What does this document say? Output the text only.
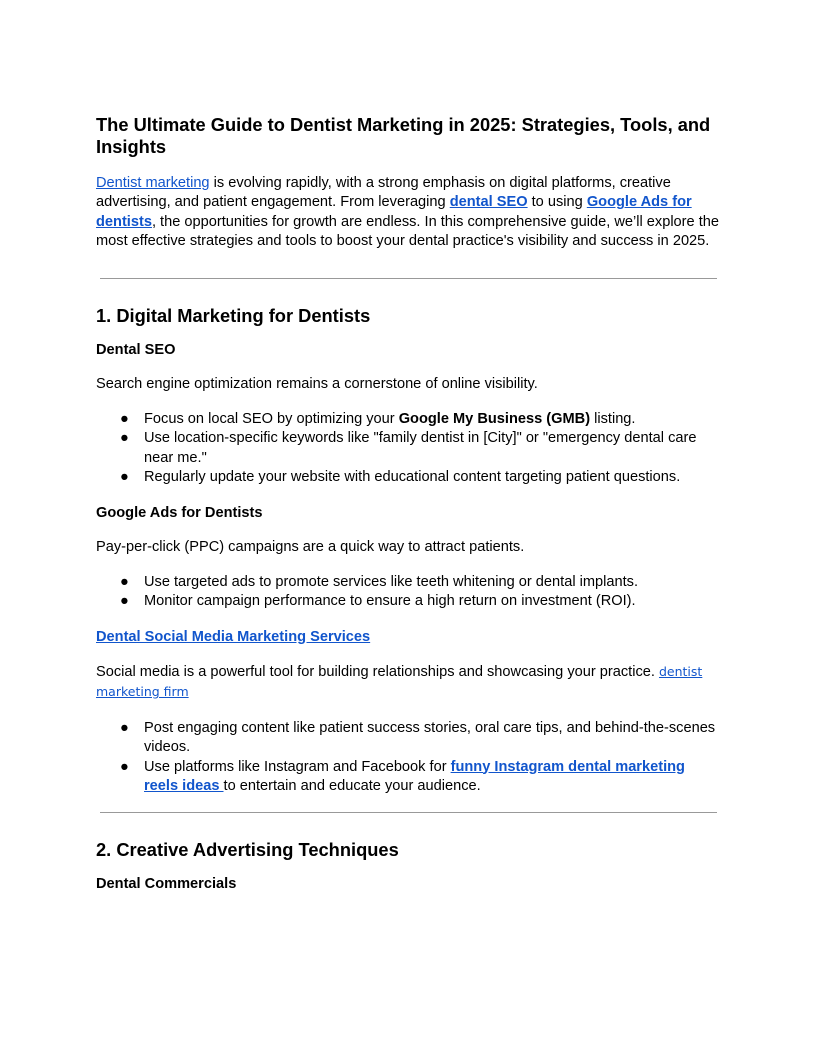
The Ultimate Guide to Dentist Marketing in 2025: Strategies, Tools, and Insights

Dentist marketing is evolving rapidly, with a strong emphasis on digital platforms, creative advertising, and patient engagement. From leveraging dental SEO to using Google Ads for dentists, the opportunities for growth are endless. In this comprehensive guide, we’ll explore the most effective strategies and tools to boost your dental practice's visibility and success in 2025.

1. Digital Marketing for Dentists
Dental SEO

Search engine optimization remains a cornerstone of online visibility.

● Focus on local SEO by optimizing your Google My Business (GMB) listing.
● Use location-specific keywords like "family dentist in [City]" or "emergency dental care near me."
● Regularly update your website with educational content targeting patient questions.
Google Ads for Dentists

Pay-per-click (PPC) campaigns are a quick way to attract patients.

● Use targeted ads to promote services like teeth whitening or dental implants.
● Monitor campaign performance to ensure a high return on investment (ROI).
Dental Social Media Marketing Services

Social media is a powerful tool for building relationships and showcasing your practice. dentist marketing firm

● Post engaging content like patient success stories, oral care tips, and behind-the-scenes videos.
● Use platforms like Instagram and Facebook for funny Instagram dental marketing reels ideas to entertain and educate your audience.
2. Creative Advertising Techniques
Dental Commercials
